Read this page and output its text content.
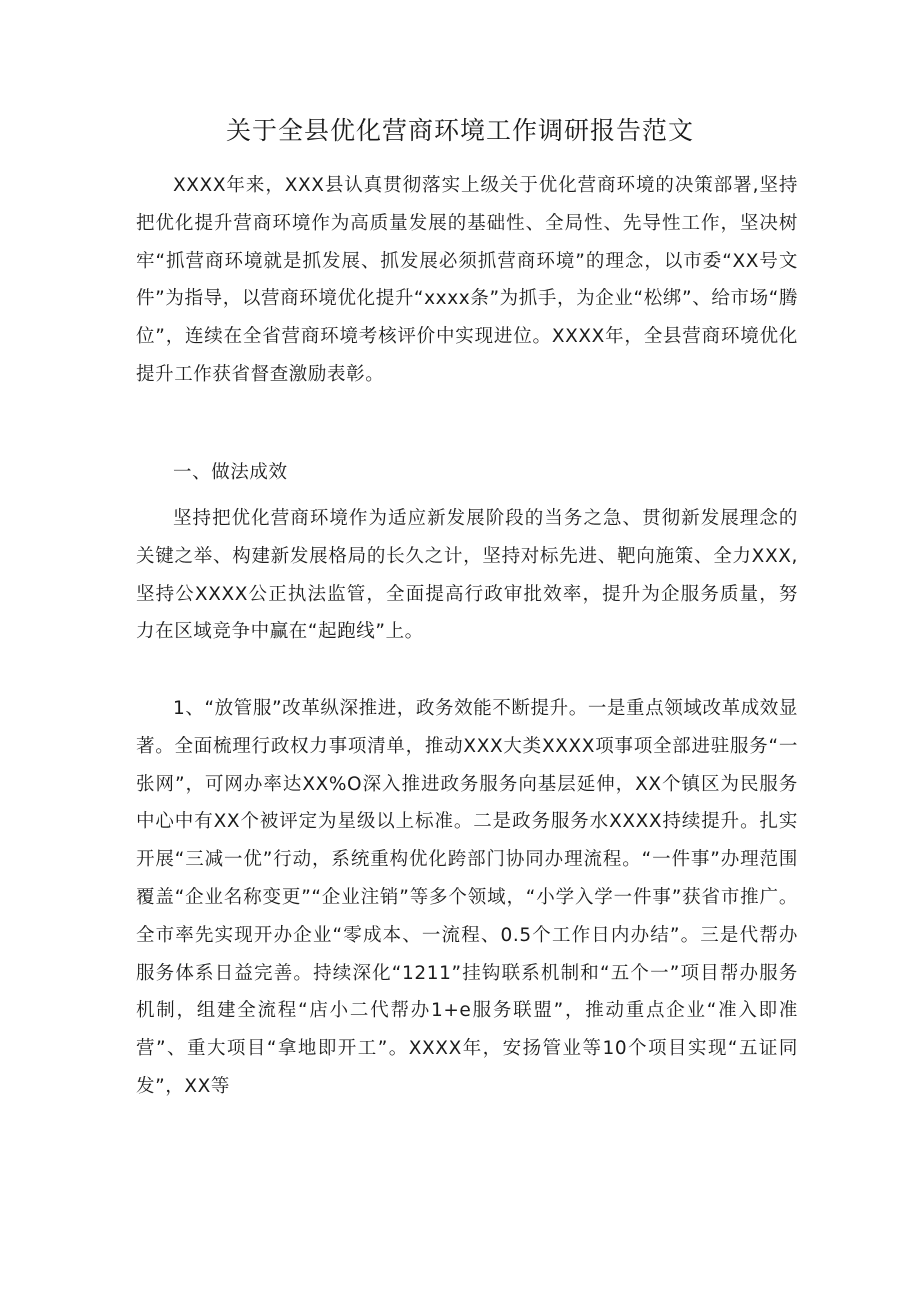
关于全县优化营商环境工作调研报告范文

XXXX年来，XXX县认真贯彻落实上级关于优化营商环境的决策部署,坚持把优化提升营商环境作为高质量发展的基础性、全局性、先导性工作，坚决树牢“抓营商环境就是抓发展、抓发展必须抓营商环境”的理念，以市委“XX号文件”为指导，以营商环境优化提升“xxxx条”为抓手，为企业“松绑”、给市场“腾位”，连续在全省营商环境考核评价中实现进位。XXXX年，全县营商环境优化提升工作获省督查激励表彰。

一、做法成效

坚持把优化营商环境作为适应新发展阶段的当务之急、贯彻新发展理念的关键之举、构建新发展格局的长久之计，坚持对标先进、靶向施策、全力XXX,坚持公XXXX公正执法监管，全面提高行政审批效率，提升为企服务质量，努力在区域竞争中赢在“起跑线”上。

1、“放管服”改革纵深推进，政务效能不断提升。一是重点领域改革成效显著。全面梳理行政权力事项清单，推动XXX大类XXXX项事项全部进驻服务“一张网”，可网办率达XX%O深入推进政务服务向基层延伸，XX个镇区为民服务中心中有XX个被评定为星级以上标准。二是政务服务水XXXX持续提升。扎实开展“三减一优”行动，系统重构优化跨部门协同办理流程。“一件事”办理范围覆盖“企业名称变更”“企业注销”等多个领域，“小学入学一件事”获省市推广。全市率先实现开办企业“零成本、一流程、0.5个工作日内办结”。三是代帮办服务体系日益完善。持续深化“1211”挂钩联系机制和“五个一”项目帮办服务机制，组建全流程“店小二代帮办1+e服务联盟”，推动重点企业“准入即准营”、重大项目“拿地即开工”。XXXX年，安扬管业等10个项目实现“五证同发”，XX等
